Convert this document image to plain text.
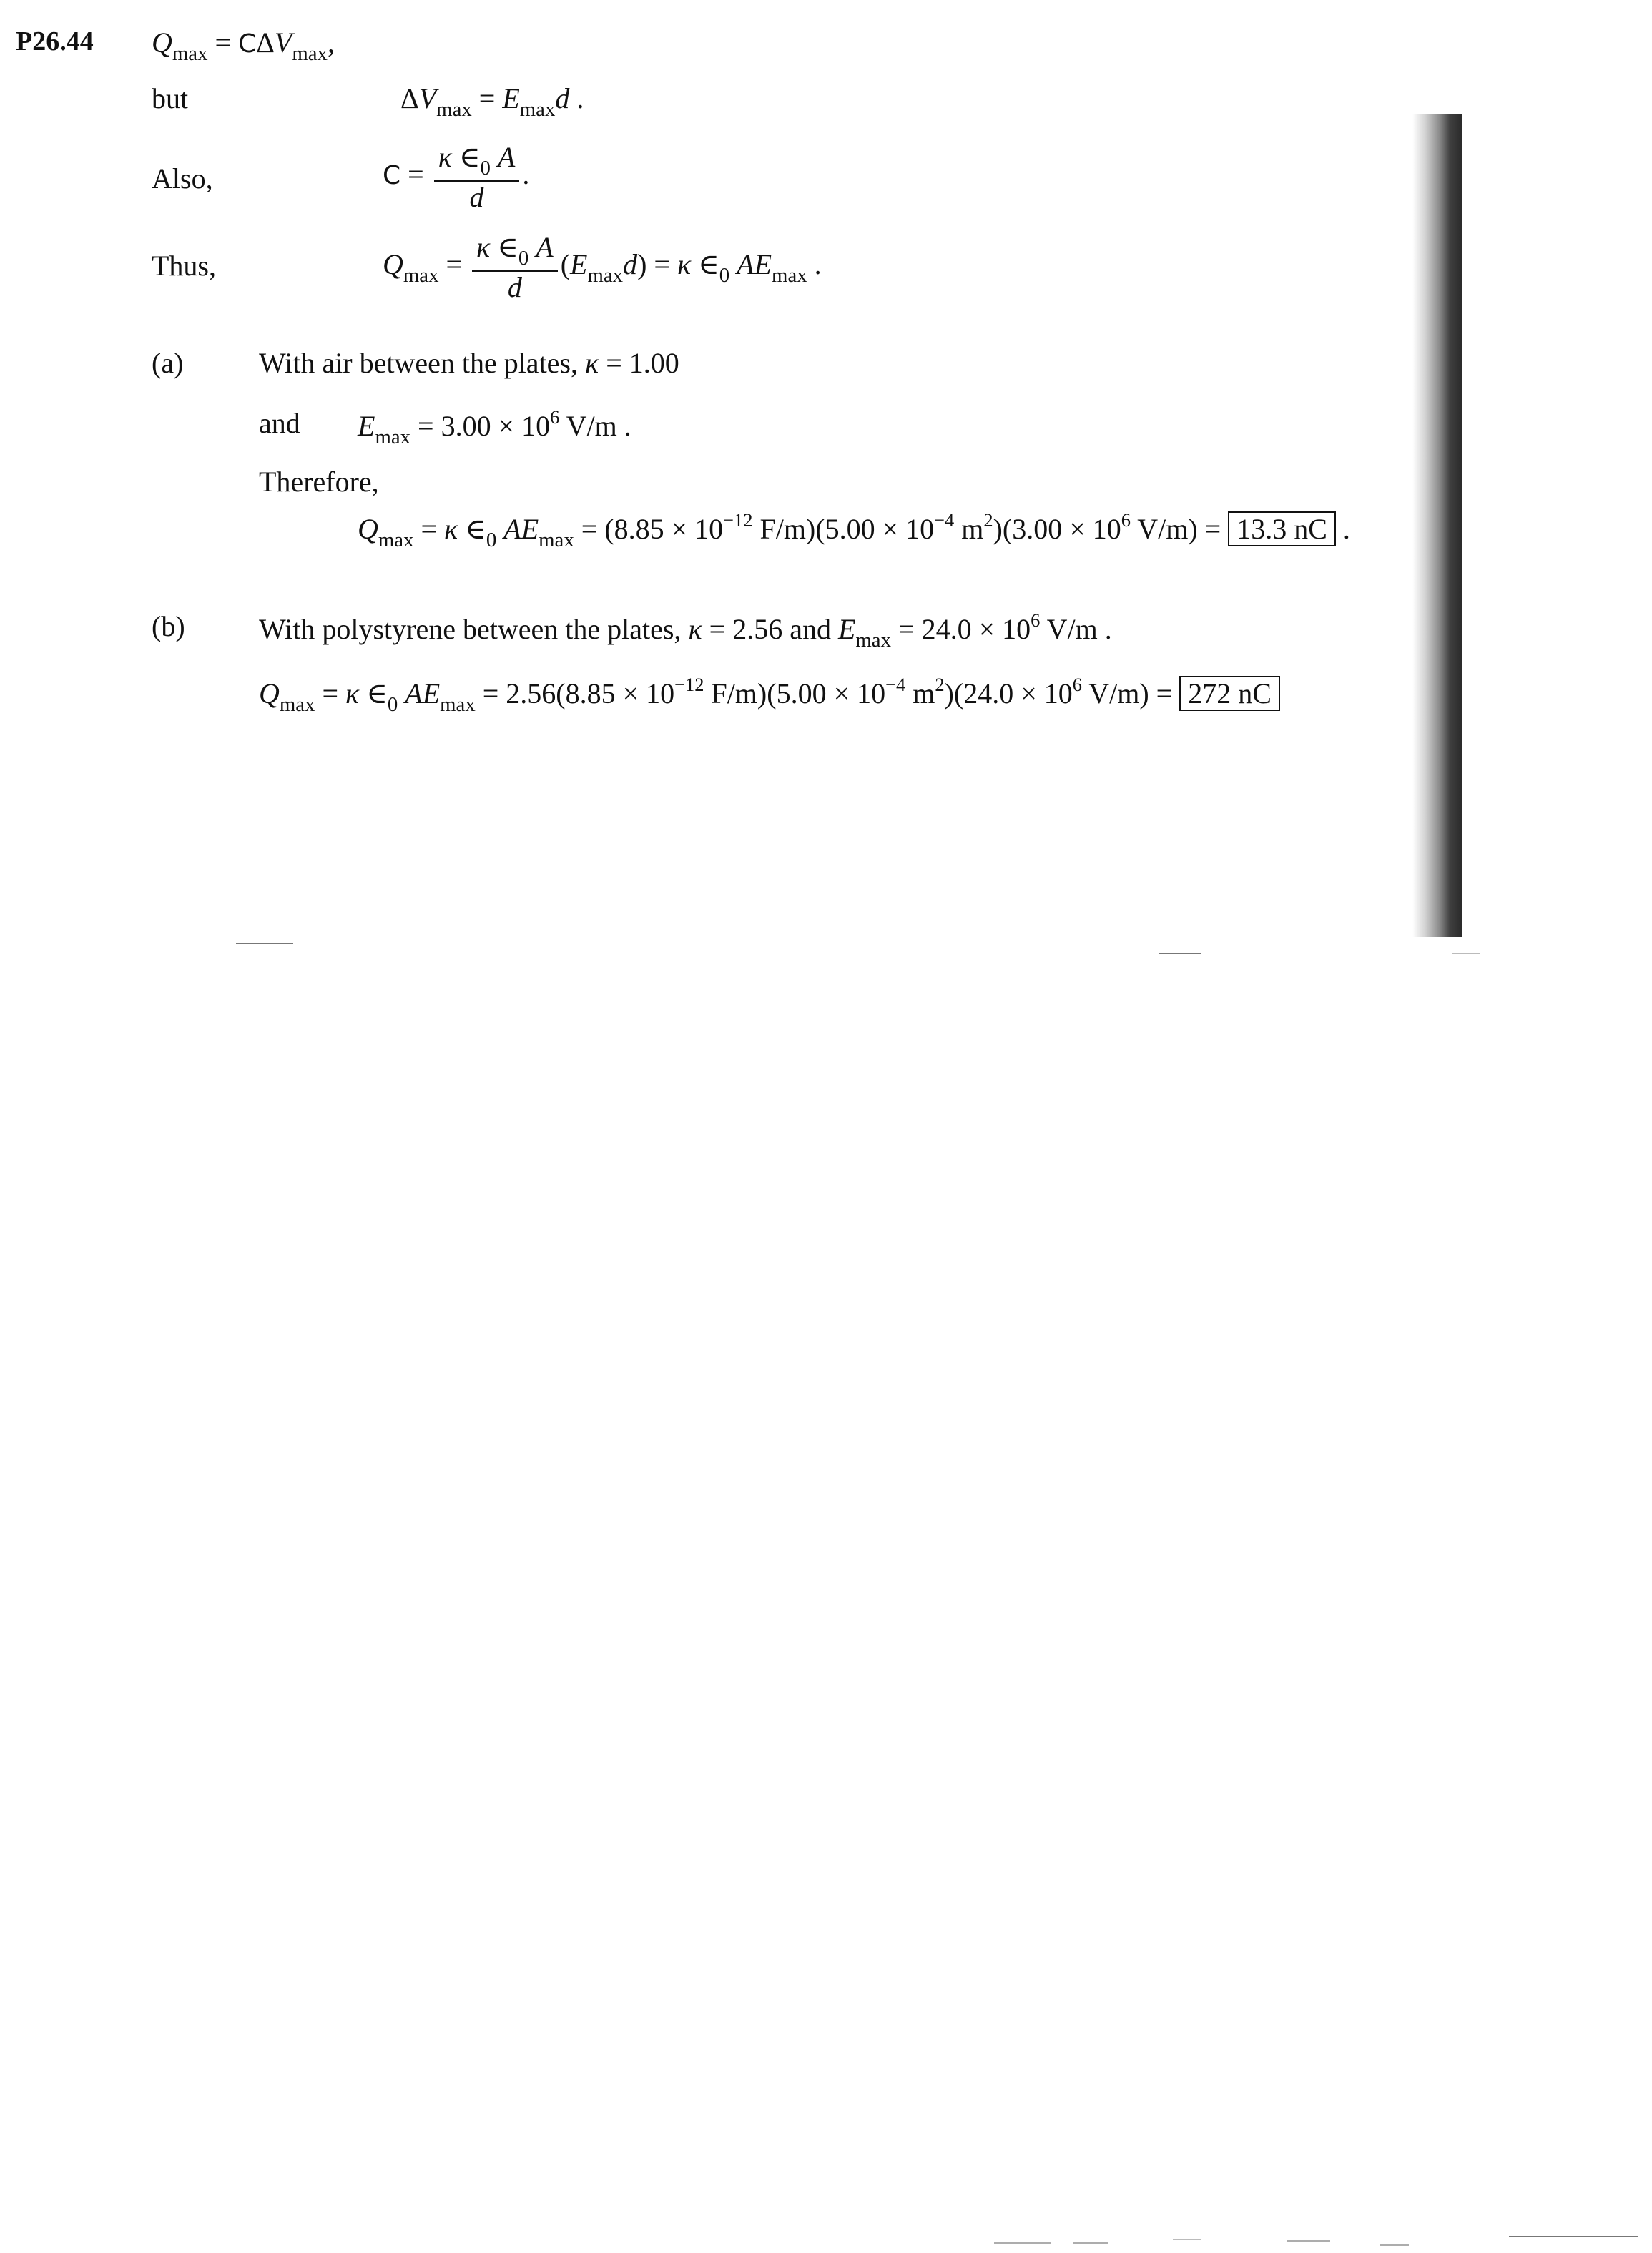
P26.44 $Q_{max} = C\Delta V_{max}$,
but	$\Delta V_{max} = E_{max}d$ .
Also,	$C = \frac{\kappa \in_0 A}{d}$ .
Thus,	$Q_{max} = \frac{\kappa \in_0 A}{d} (E_{max}d) = \kappa$ $\in_0$ $AE_{max}$ .
(a)	With air between the plates, κ = 1.00
and $E_{max} = 3.00 \times 10^6$ V/m .
Therefore,
$Q_{max} = \kappa$ $\in_0$ $AE_{max} = (8.85 \times 10^{-12}$ $F/m)(5.00 \times 10^{-4}$ $m^2)(3.00 \times 10^6$ V/m) = 13.3 nC .
(b)	With polystyrene between the plates, κ = 2.56 and $E_{max} = 24.0 \times 10^6$ V/m .
$Q_{max} = \kappa$ $\in_0$ $AE_{max} = 2.56(8.85 \times 10^{-12}$ $F/m)(5.00 \times 10^{-4}$ $m^2)(24.0 \times 10^6$ V/m) = 272 nC
